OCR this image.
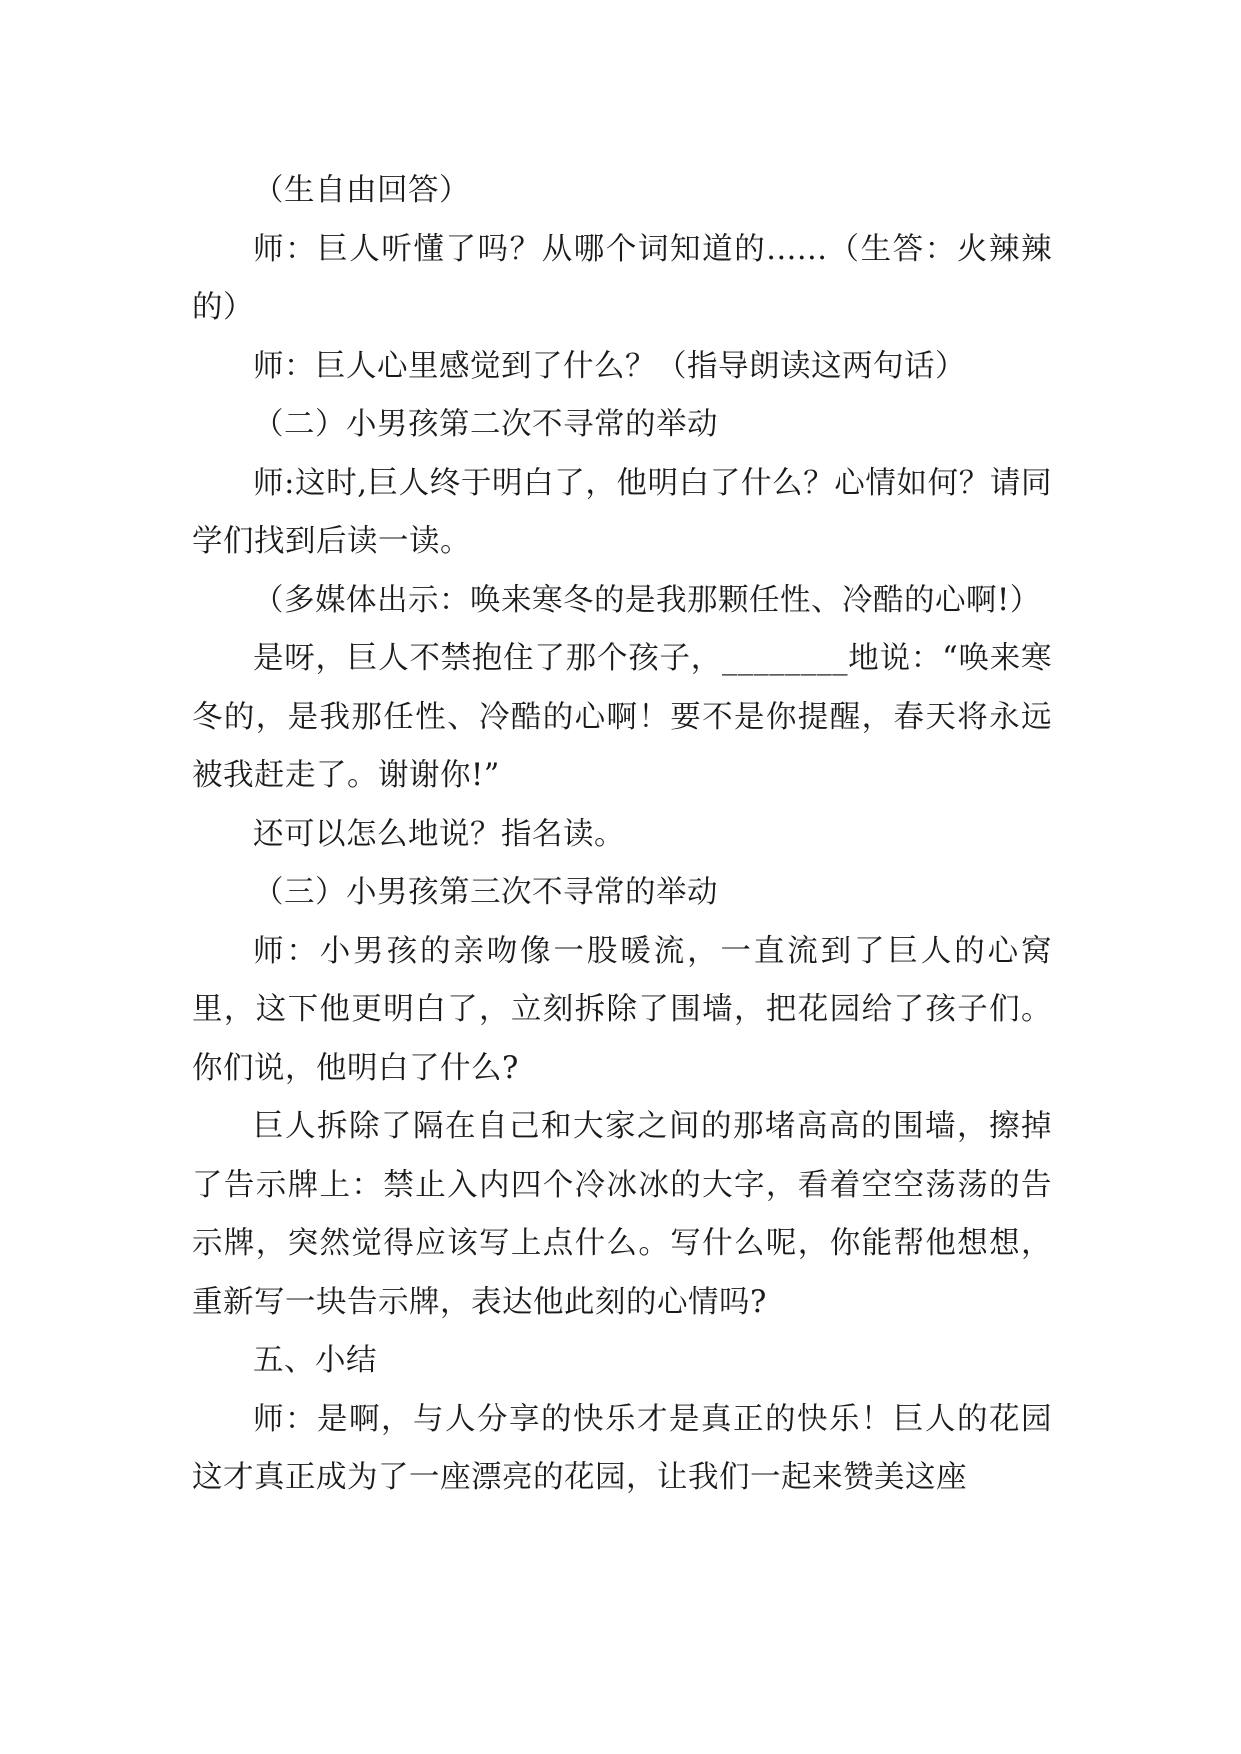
（生自由回答）

师：巨人听懂了吗？从哪个词知道的......（生答：火辣辣的）

师：巨人心里感觉到了什么？（指导朗读这两句话）

（二）小男孩第二次不寻常的举动

师:这时,巨人终于明白了，他明白了什么？心情如何？请同学们找到后读一读。

（多媒体出示：唤来寒冬的是我那颗任性、冷酷的心啊!）

是呀，巨人不禁抱住了那个孩子，________地说：“唤来寒冬的，是我那任性、冷酷的心啊！要不是你提醒，春天将永远被我赶走了。谢谢你!”

还可以怎么地说？指名读。

（三）小男孩第三次不寻常的举动

师：小男孩的亲吻像一股暖流，一直流到了巨人的心窝里，这下他更明白了，立刻拆除了围墙，把花园给了孩子们。你们说，他明白了什么?

巨人拆除了隔在自己和大家之间的那堵高高的围墙，擦掉了告示牌上：禁止入内四个冷冰冰的大字，看着空空荡荡的告示牌，突然觉得应该写上点什么。写什么呢，你能帮他想想，重新写一块告示牌，表达他此刻的心情吗?

五、小结

师：是啊，与人分享的快乐才是真正的快乐！巨人的花园这才真正成为了一座漂亮的花园，让我们一起来赞美这座
